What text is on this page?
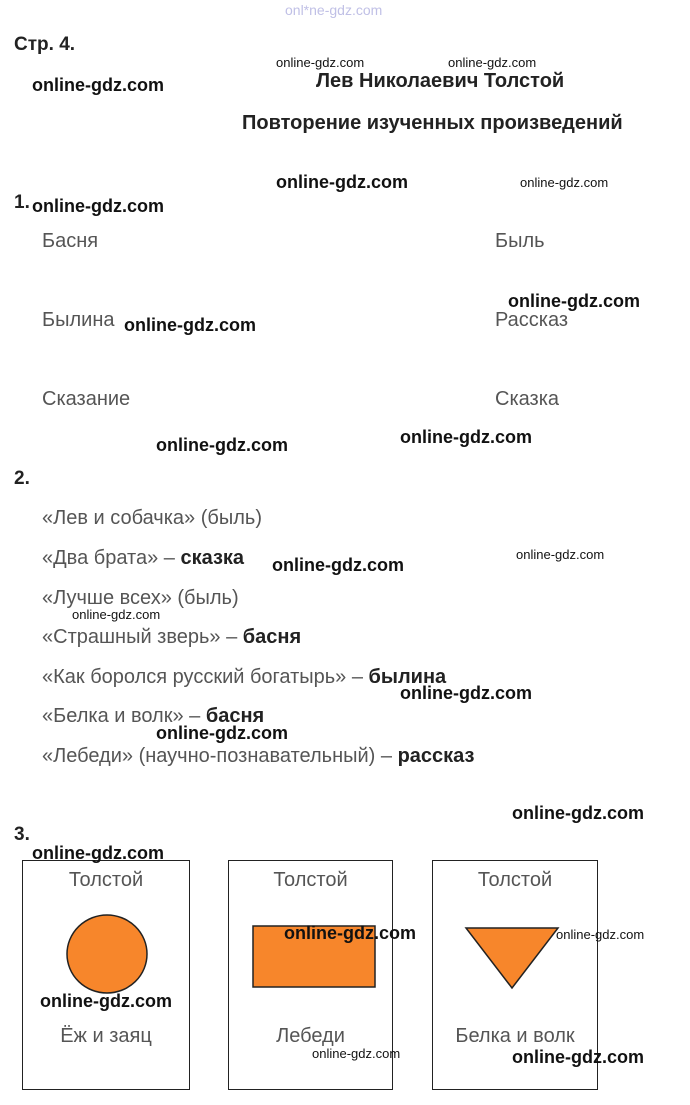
onl*ne-gdz.com
Стр. 4.
Лев Николаевич Толстой
Повторение изученных произведений
1.
Басня	Быль
Былина	Рассказ
Сказание	Сказка
2.
«Лев и собачка» (быль)
«Два брата» – сказка
«Лучше всех» (быль)
«Страшный зверь» – басня
«Как боролся русский богатырь» – былина
«Белка и волк» – басня
«Лебеди» (научно-познавательный) – рассказ
3.
Толстой
Ёж и заяц
Толстой
Лебеди
Толстой
Белка и волк
online-gdz.com	online-gdz.com
online-gdz.com
online-gdz.com	online-gdz.com
online-gdz.com
online-gdz.com
online-gdz.com
online-gdz.com
online-gdz.com
online-gdz.com
online-gdz.com
online-gdz.com
online-gdz.com
online-gdz.com
online-gdz.com
online-gdz.com
online-gdz.com	online-gdz.com
online-gdz.com
online-gdz.com	online-gdz.com
